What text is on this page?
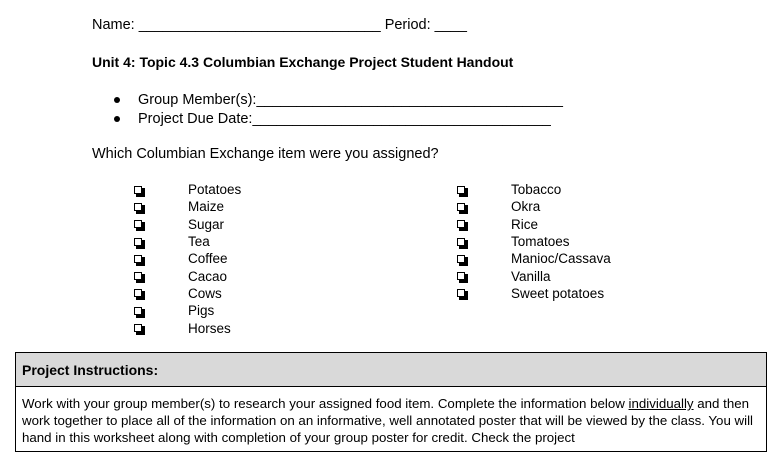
Name: ______________________________ Period: ____
Unit 4: Topic 4.3 Columbian Exchange Project Student Handout
Group Member(s):______________________________________
Project Due Date:_____________________________________
Which Columbian Exchange item were you assigned?
Potatoes
Maize
Sugar
Tea
Coffee
Cacao
Cows
Pigs
Horses
Tobacco
Okra
Rice
Tomatoes
Manioc/Cassava
Vanilla
Sweet potatoes
Project Instructions:
Work with your group member(s) to research your assigned food item. Complete the information below individually and then work together to place all of the information on an informative, well annotated poster that will be viewed by the class. You will hand in this worksheet along with completion of your group poster for credit. Check the project
